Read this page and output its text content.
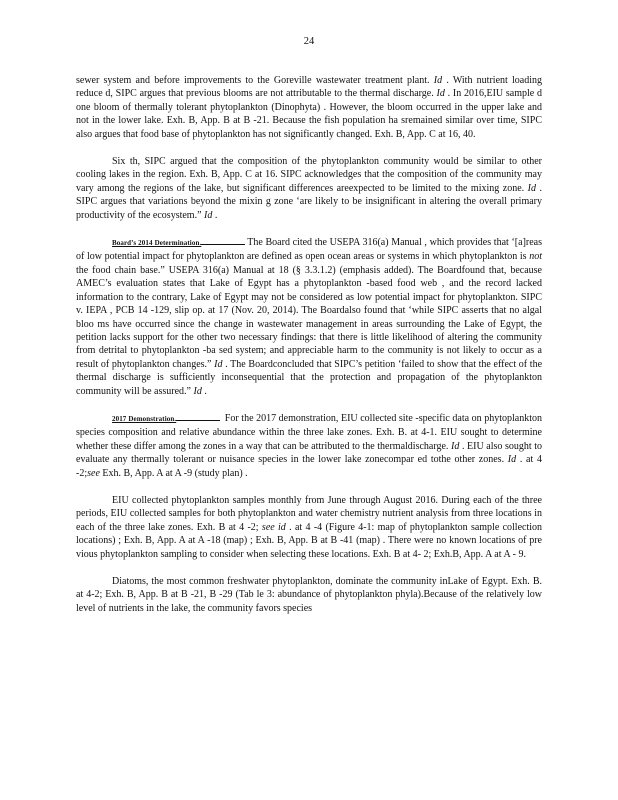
24

sewer system and before improvements to the Goreville wastewater treatment plant. Id . With nutrient loading reduce d, SIPC argues that previous blooms are not attributable to the thermal discharge. Id . In 2016,EIU sample d one bloom of thermally tolerant phytoplankton (Dinophyta) . However, the bloom occurred in the upper lake and not in the lower lake. Exh. B, App. B at B -21. Because the fish population ha sremained similar over time, SIPC also argues that food base of phytoplankton has not significantly changed. Exh. B, App. C at 16, 40.

Six th, SIPC argued that the composition of the phytoplankton community would be similar to other cooling lakes in the region. Exh. B, App. C at 16. SIPC acknowledges that the composition of the community may vary among the regions of the lake, but significant differences areexpected to be limited to the mixing zone. Id . SIPC argues that variations beyond the mixin g zone ‘are likely to be insignificant in altering the overall primary productivity of the ecosystem.” Id .

Board’s 2014 Determination.	The Board cited the USEPA 316(a) Manual , which provides that ‘[a]reas of low potential impact for phytoplankton are defined as open ocean areas or systems in which phytoplankton is not the food chain base.” USEPA 316(a) Manual at 18 (§ 3.3.1.2) (emphasis added). The Boardfound that, because AMEC’s evaluation states that Lake of Egypt has a phytoplankton -based food web , and the record lacked information to the contrary, Lake of Egypt may not be considered as low potential impact for phytoplankton. SIPC v. IEPA , PCB 14 -129, slip op. at 17 (Nov. 20, 2014). The Boardalso found that ‘while SIPC asserts that no algal bloo ms have occurred since the change in wastewater management in areas surrounding the Lake of Egypt, the petition lacks support for the other two necessary findings: that there is little likelihood of altering the community from detrital to phytoplankton -ba sed system; and appreciable harm to the community is not likely to occur as a result of phytoplankton changes.” Id . The Boardconcluded that SIPC’s petition ‘failed to show that the effect of the thermal discharge is sufficiently inconsequential that the protection and propagation of the phytoplankton community will be assured.” Id .

2017 Demonstration.	For the 2017 demonstration, EIU collected site -specific data on phytoplankton species composition and relative abundance within the three lake zones. Exh. B. at 4-1. EIU sought to determine whether these differ among the zones in a way that can be attributed to the thermaldischarge. Id . EIU also sought to evaluate any thermally tolerant or nuisance species in the lower lake zonecompar ed tothe other zones. Id . at 4 -2;see Exh. B, App. A at A -9 (study plan) .

EIU collected phytoplankton samples monthly from June through August 2016. During each of the three periods, EIU collected samples for both phytoplankton and water chemistry nutrient analysis from three locations in each of the three lake zones. Exh. B at 4 -2; see id . at 4 -4 (Figure 4-1: map of phytoplankton sample collection locations) ; Exh. B, App. A at A -18 (map) ; Exh. B, App. B at B -41 (map) . There were no known locations of pre vious phytoplankton sampling to consider when selecting these locations. Exh. B at 4- 2; Exh.B, App. A at A - 9.

Diatoms, the most common freshwater phytoplankton, dominate the community inLake of Egypt. Exh. B. at 4-2; Exh. B, App. B at B -21, B -29 (Tab le 3: abundance of phytoplankton phyla).Because of the relatively low level of nutrients in the lake, the community favors species
